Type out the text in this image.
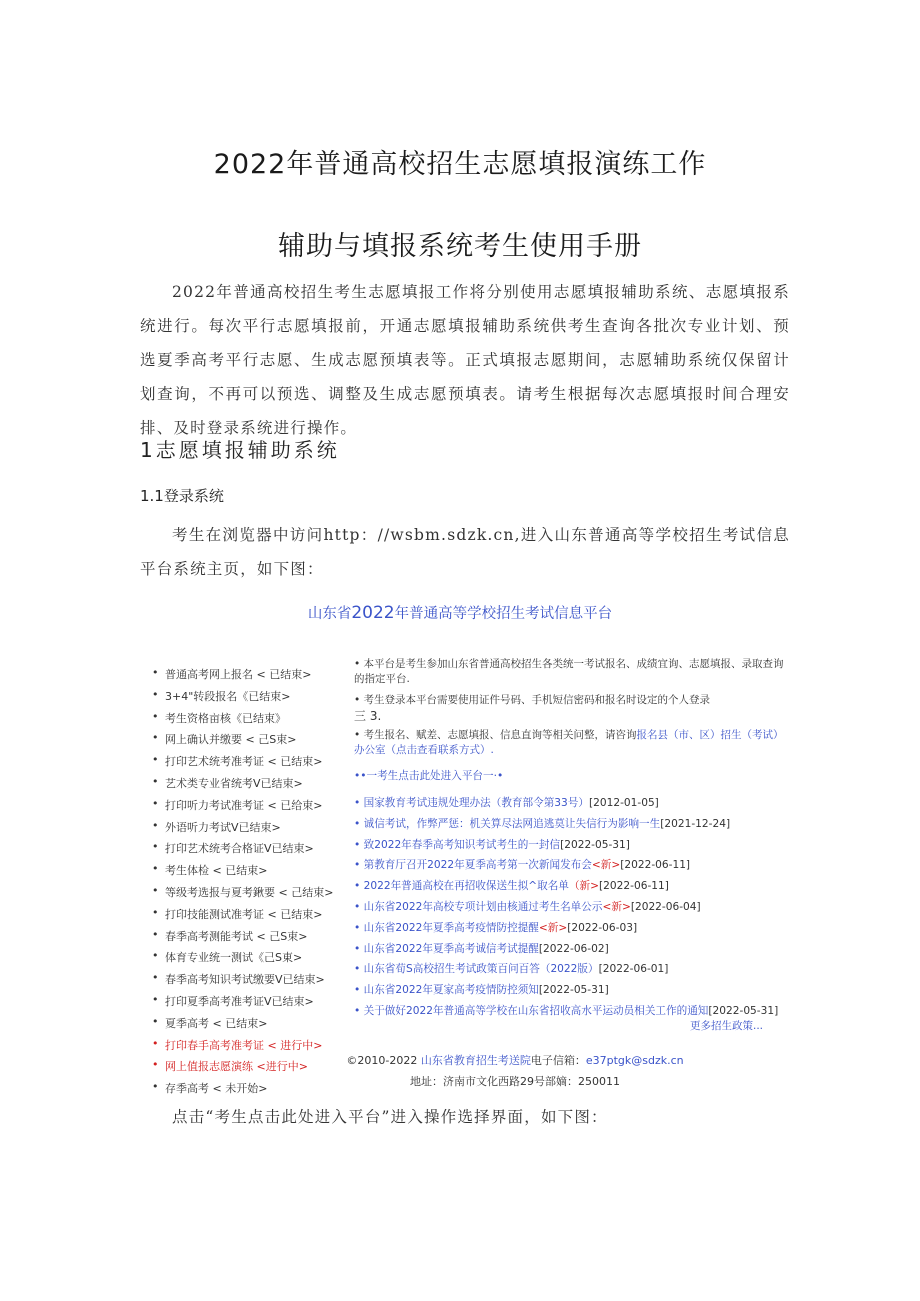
2022年普通高校招生志愿填报演练工作
辅助与填报系统考生使用手册
2022年普通高校招生考生志愿填报工作将分别使用志愿填报辅助系统、志愿填报系统进行。每次平行志愿填报前，开通志愿填报辅助系统供考生查询各批次专业计划、预选夏季高考平行志愿、生成志愿预填表等。正式填报志愿期间，志愿辅助系统仅保留计划查询，不再可以预选、调整及生成志愿预填表。请考生根据每次志愿填报时间合理安排、及时登录系统进行操作。
1志愿填报辅助系统
1.1登录系统
考生在浏览器中访问http：//wsbm.sdzk.cn,进入山东普通高等学校招生考试信息平台系统主页，如下图：
山东省2022年普通高等学校招生考试信息平台
• 普通高考网上报名 < 已结束>
• 3+4"转段报名《已结束>
• 考生资格亩核《已结束》
• 网上确认并缴要 < 己S束>
• 打印艺术统考准考证 < 已结束>
• 艺术类专业省统考Ⅴ已结束>
• 打印听力考试准考证 < 已给束>
• 外语听力考试Ⅴ已结束>
• 打印艺术统考合格证Ⅴ已结束>
• 考生体检 < 已结束>
• 等级考选报与夏考鍬要 < 己结束>
• 打印技能测试准考证 < 已结束>
• 春季高考测能考试 < 己S束>
• 体育专业统一测试《己S東>
• 春季高考知识考试缴要Ⅴ已结束>
• 打印夏季高考准考证Ⅴ已结束>
• 夏季高考 < 已结束>
• 打印春手高考准考证 < 进行中>
• 网上值报志愿演练 <进行中>
• 存季高考 < 未开始>
• 本平台是考生参加山东省普通高校招生各类统一考试报名、成绩宜询、志愿填报、录取查询的指定平台.
• 考生登录本平台需要使用证件号码、手机短信密码和报名时设定的个人登录
三 3.
• 考生报名、赋差、志愿填报、信息直询等相关问整，请咨询报名县（市、区）招生（考试）办公室（点击查看联系方式）.
••一考生点击此处进入平台一·•
• 国家教育考试违规处理办法（教育部令第33号）[2012-01-05]
• 诚信考试，作弊严惩：机关算尽法网追逃莫让失信行为影响一生[2021-12-24]
• 致2022年春季高考知识考试考生的一封信[2022-05-31]
• 第教育厅召开2022年夏季高考第一次新闻发布会<新>[2022-06-11]
• 2022年普通高校在再招收保送生拟^取名单（新>[2022-06-11]
• 山东省2022年高校专项计划由核通过考生名单公示<新>[2022-06-04]
• 山东省2022年夏季高考疫情防控提醒<新>[2022-06-03]
• 山东省2022年夏季高考诚信考试提醒[2022-06-02]
• 山东省荀S高校招生考试政策百问百答（2022版）[2022-06-01]
• 山东省2022年夏家高考疫情防控须知[2022-05-31]
• 关于做好2022年普通高等学校在山东省招收高水平运动员相关工作的通知[2022-05-31]
更多招生政策...
©2010-2022 山东省教育招生考送院电子信箱：e37ptgk@sdzk.cn
地址：济南市文化西路29号部嫡：250011
点击“考生点击此处进入平台”进入操作选择界面，如下图：
